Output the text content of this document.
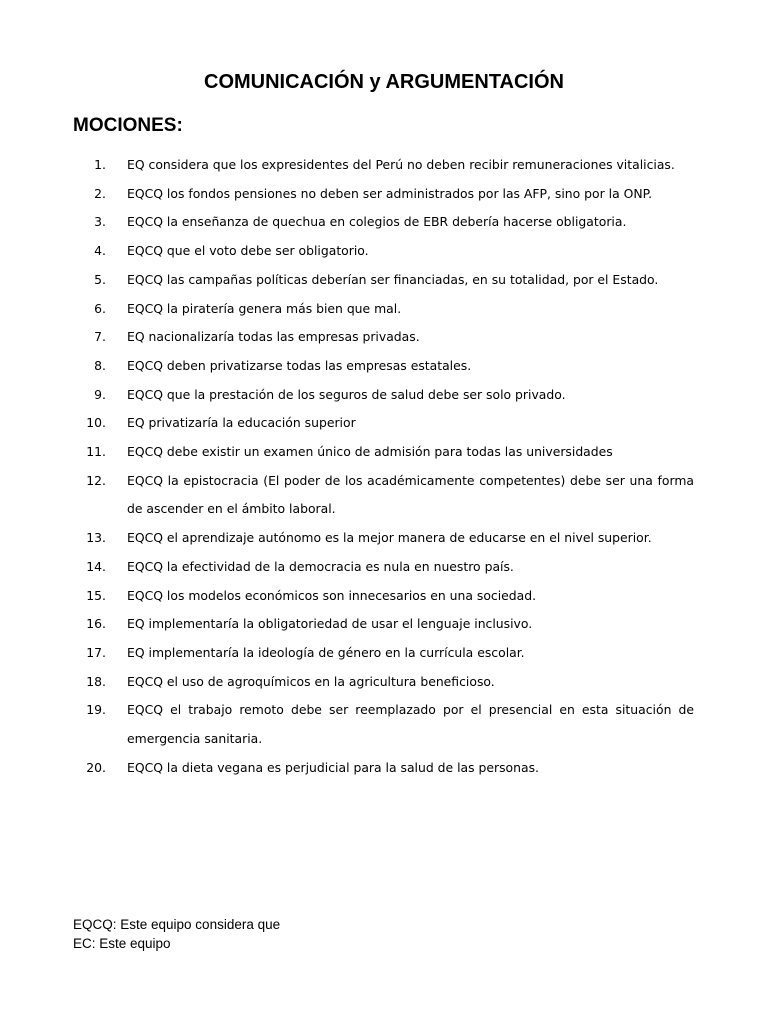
COMUNICACIÓN y ARGUMENTACIÓN
MOCIONES:
1. EQ considera que los expresidentes del Perú no deben recibir remuneraciones vitalicias.
2. EQCQ los fondos pensiones no deben ser administrados por las AFP, sino por la ONP.
3. EQCQ la enseñanza de quechua en colegios de EBR debería hacerse obligatoria.
4. EQCQ que el voto debe ser obligatorio.
5. EQCQ las campañas políticas deberían ser financiadas, en su totalidad, por el Estado.
6. EQCQ la piratería genera más bien que mal.
7. EQ nacionalizaría todas las empresas privadas.
8. EQCQ deben privatizarse todas las empresas estatales.
9. EQCQ que la prestación de los seguros de salud debe ser solo privado.
10. EQ privatizaría la educación superior
11. EQCQ debe existir un examen único de admisión para todas las universidades
12. EQCQ la epistocracia (El poder de los académicamente competentes) debe ser una forma de ascender en el ámbito laboral.
13. EQCQ el aprendizaje autónomo es la mejor manera de educarse en el nivel superior.
14. EQCQ la efectividad de la democracia es nula en nuestro país.
15. EQCQ los modelos económicos son innecesarios en una sociedad.
16. EQ implementaría la obligatoriedad de usar el lenguaje inclusivo.
17. EQ implementaría la ideología de género en la currícula escolar.
18. EQCQ el uso de agroquímicos en la agricultura beneficioso.
19. EQCQ el trabajo remoto debe ser reemplazado por el presencial en esta situación de emergencia sanitaria.
20. EQCQ la dieta vegana es perjudicial para la salud de las personas.
EQCQ: Este equipo considera que
EC: Este equipo
